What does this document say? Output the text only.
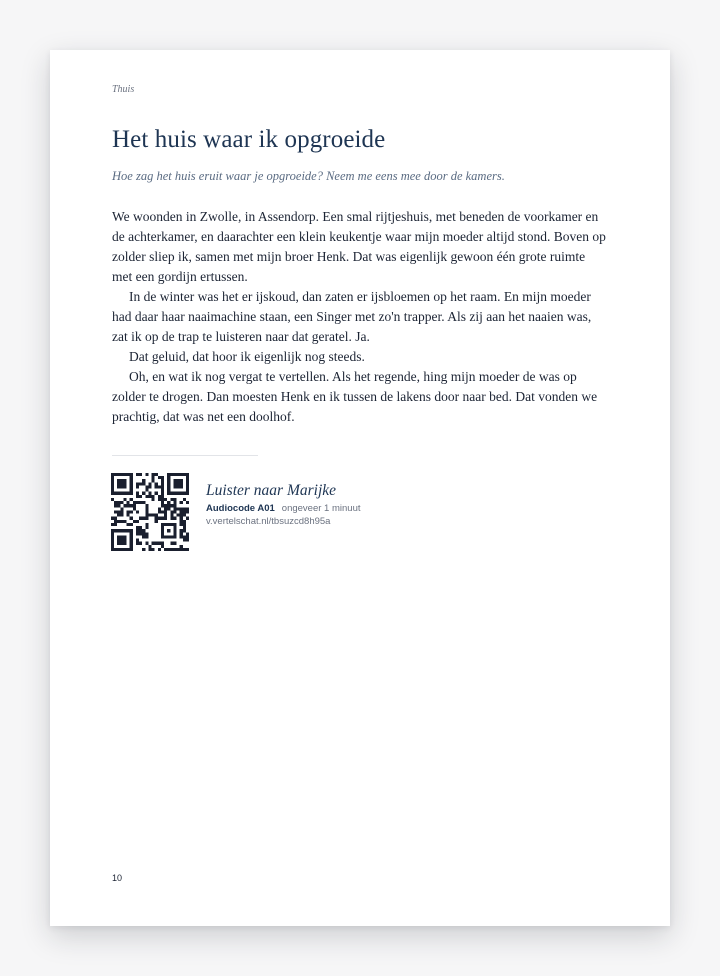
Thuis
Het huis waar ik opgroeide

Hoe zag het huis eruit waar je opgroeide? Neem me eens mee door de kamers.

We woonden in Zwolle, in Assendorp. Een smal rijtjeshuis, met beneden de voorkamer en de achterkamer, en daarachter een klein keukentje waar mijn moeder altijd stond. Boven op zolder sliep ik, samen met mijn broer Henk. Dat was eigenlijk gewoon één grote ruimte met een gordijn ertussen.

In de winter was het er ijskoud, dan zaten er ijsbloemen op het raam. En mijn moeder had daar haar naaimachine staan, een Singer met zo'n trapper. Als zij aan het naaien was, zat ik op de trap te luisteren naar dat geratel. Ja.

Dat geluid, dat hoor ik eigenlijk nog steeds.

Oh, en wat ik nog vergat te vertellen. Als het regende, hing mijn moeder de was op zolder te drogen. Dan moesten Henk en ik tussen de lakens door naar bed. Dat vonden we prachtig, dat was net een doolhof.

Luister naar Marijke
Audiocode A01 ongeveer 1 minuut
v.vertelschat.nl/tbsuzcd8h95a
10
